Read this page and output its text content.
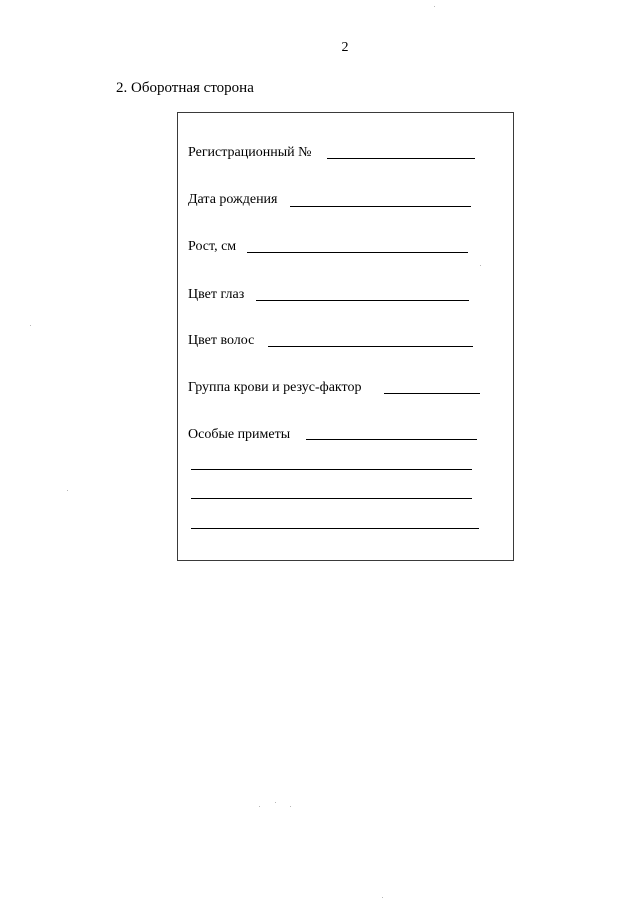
2
2. Оборотная сторона
Регистрационный №
Дата рождения
Рост, см
Цвет глаз
Цвет волос
Группа крови и резус-фактор
Особые приметы
